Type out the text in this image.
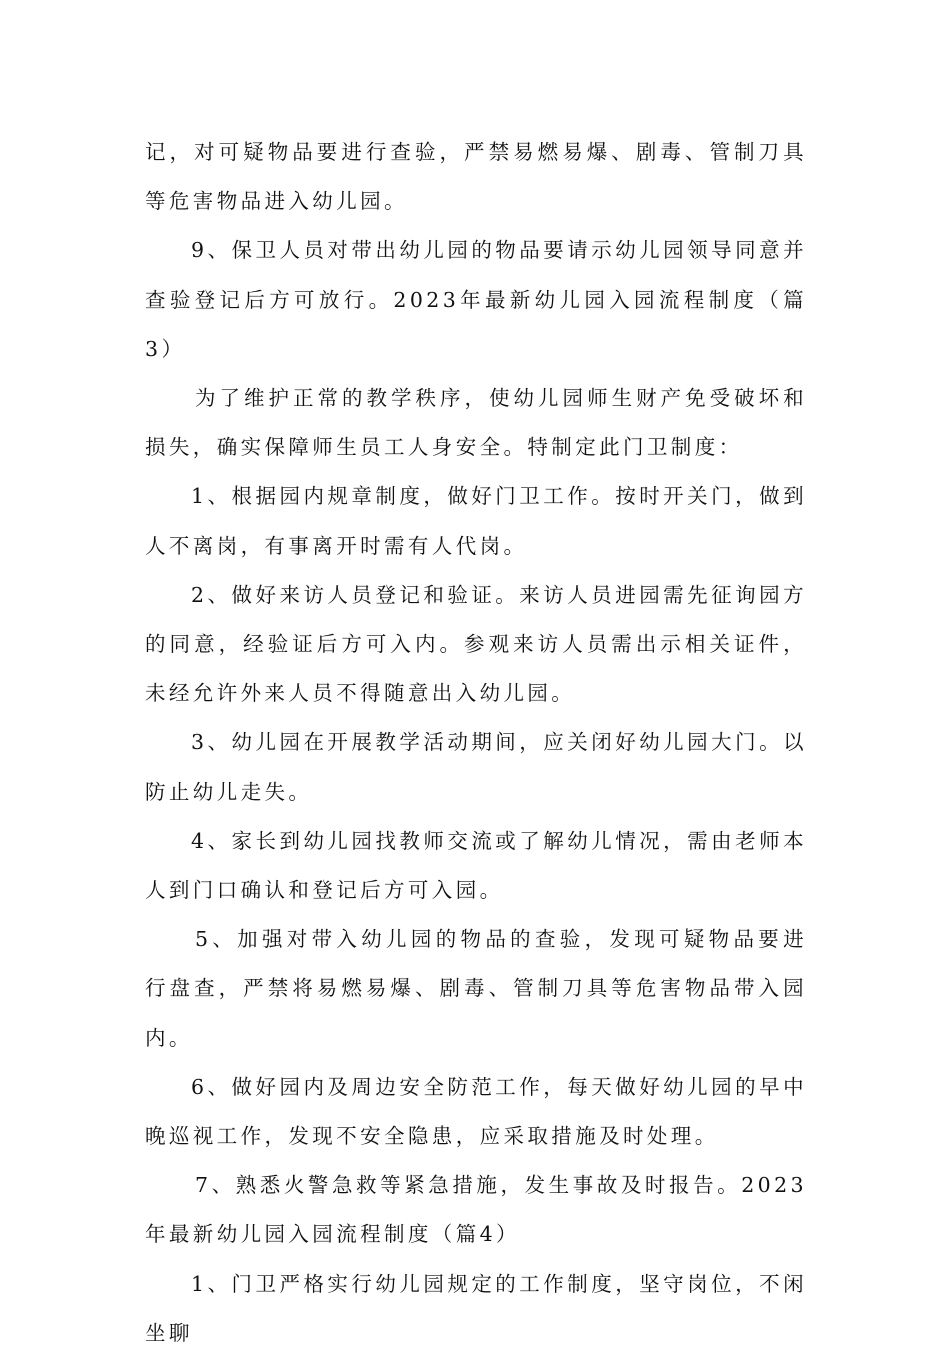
记，对可疑物品要进行查验，严禁易燃易爆、剧毒、管制刀具等危害物品进入幼儿园。

9、保卫人员对带出幼儿园的物品要请示幼儿园领导同意并查验登记后方可放行。2023年最新幼儿园入园流程制度（篇3）

为了维护正常的教学秩序，使幼儿园师生财产免受破坏和损失，确实保障师生员工人身安全。特制定此门卫制度：

1、根据园内规章制度，做好门卫工作。按时开关门，做到人不离岗，有事离开时需有人代岗。

2、做好来访人员登记和验证。来访人员进园需先征询园方的同意，经验证后方可入内。参观来访人员需出示相关证件，未经允许外来人员不得随意出入幼儿园。

3、幼儿园在开展教学活动期间，应关闭好幼儿园大门。以防止幼儿走失。

4、家长到幼儿园找教师交流或了解幼儿情况，需由老师本人到门口确认和登记后方可入园。

5、加强对带入幼儿园的物品的查验，发现可疑物品要进行盘查，严禁将易燃易爆、剧毒、管制刀具等危害物品带入园内。

6、做好园内及周边安全防范工作，每天做好幼儿园的早中晚巡视工作，发现不安全隐患，应采取措施及时处理。

7、熟悉火警急救等紧急措施，发生事故及时报告。2023年最新幼儿园入园流程制度（篇4）

1、门卫严格实行幼儿园规定的工作制度，坚守岗位，不闲坐聊
